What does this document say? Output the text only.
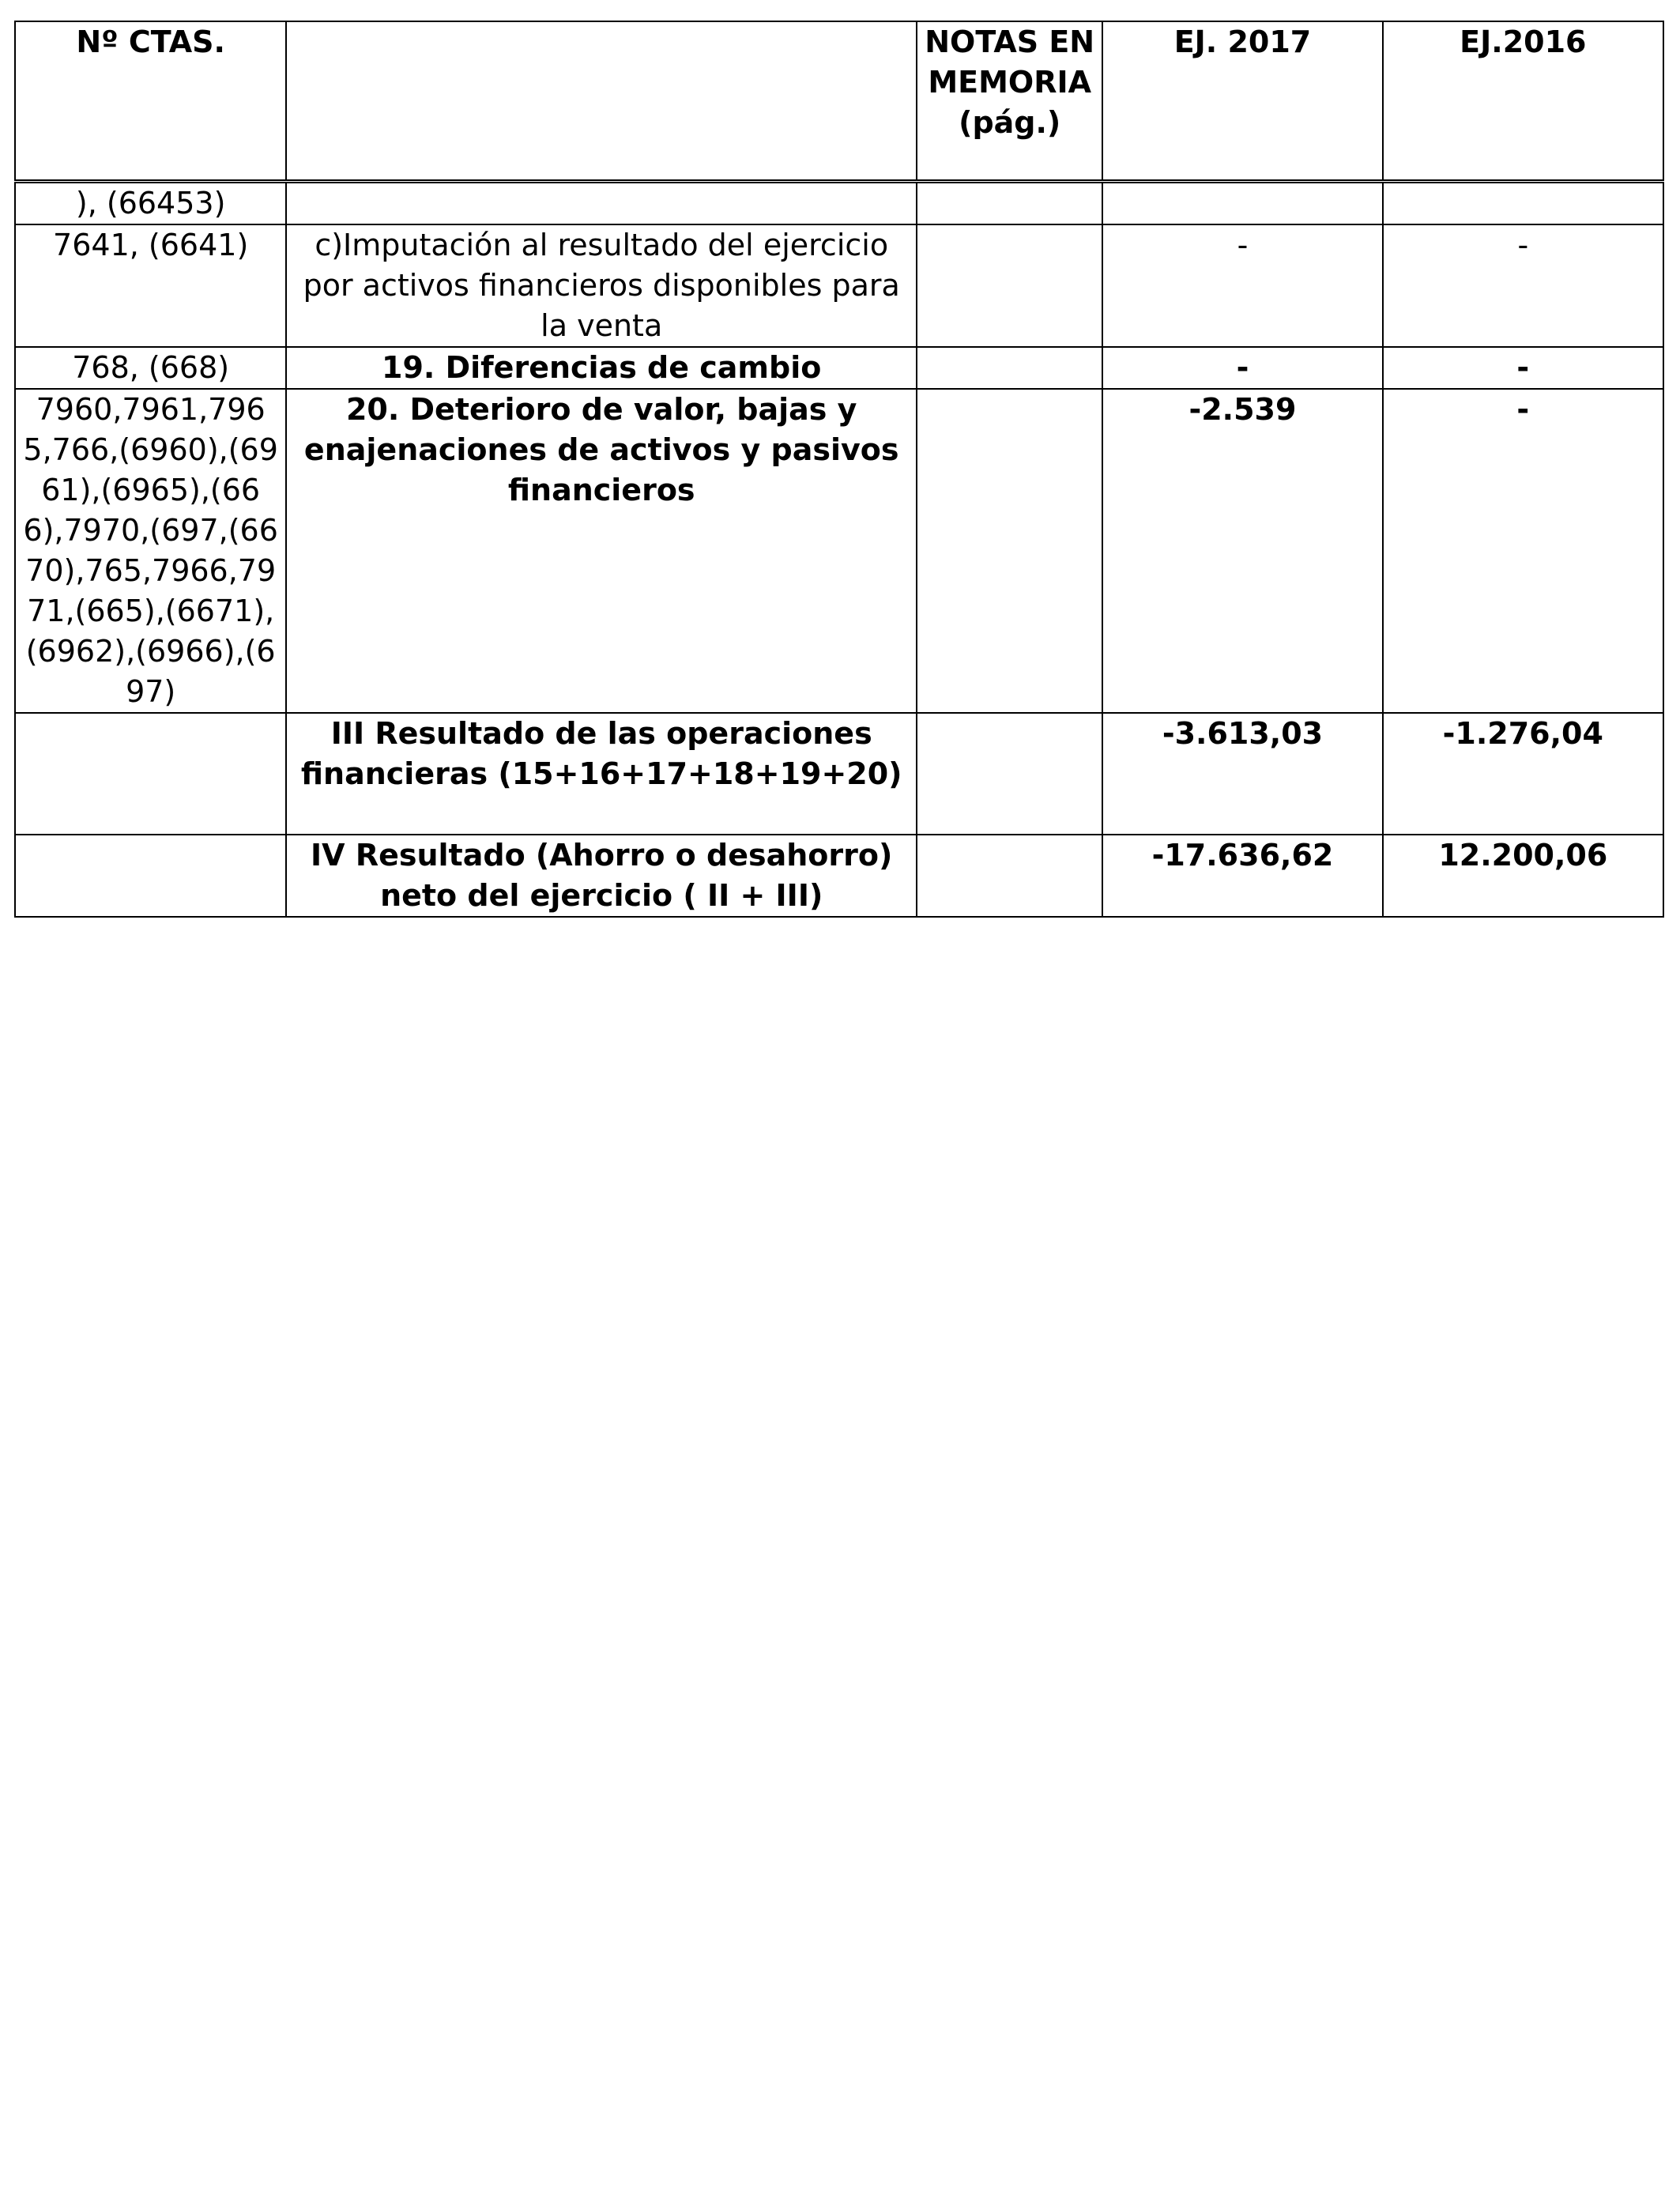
Nº CTAS.		NOTAS EN MEMORIA (pág.)	EJ. 2017	EJ.2016
), (66453)				
7641, (6641)	c)Imputación al resultado del ejercicio por activos financieros disponibles para la venta		-	-
768, (668)	19. Diferencias de cambio		-	-
7960,7961,7965,766,(6960),(6961),(6965),(666),7970,(697,(6670),765,7966,7971,(665),(6671),(6962),(6966),(697)	20. Deterioro de valor, bajas y enajenaciones de activos y pasivos financieros		-2.539	-
	III Resultado de las operaciones financieras (15+16+17+18+19+20)		-3.613,03	-1.276,04
	IV Resultado (Ahorro o desahorro) neto del ejercicio ( II + III)		-17.636,62	12.200,06
